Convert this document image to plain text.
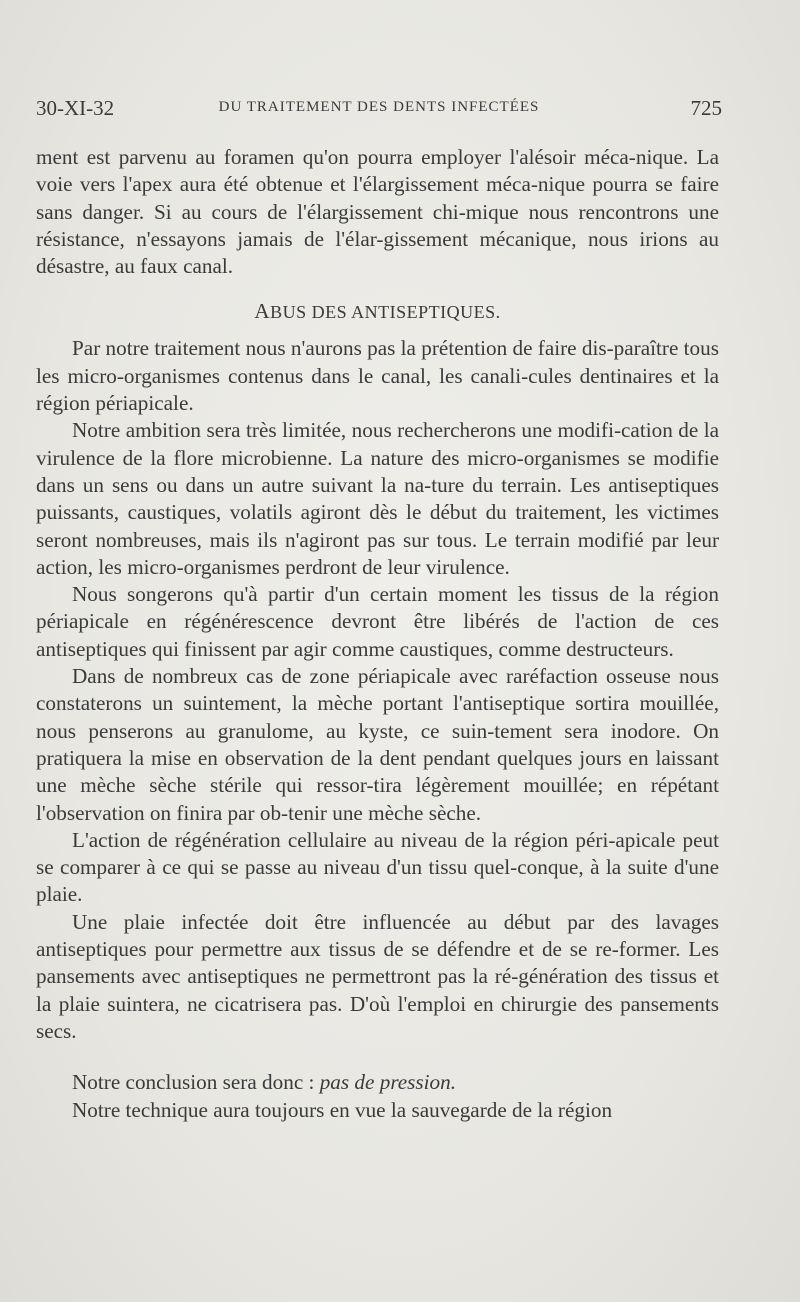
30-XI-32	DU TRAITEMENT DES DENTS INFECTÉES	725

ment est parvenu au foramen qu'on pourra employer l'alésoir méca-nique. La voie vers l'apex aura été obtenue et l'élargissement méca-nique pourra se faire sans danger. Si au cours de l'élargissement chi-mique nous rencontrons une résistance, n'essayons jamais de l'élar-gissement mécanique, nous irions au désastre, au faux canal.

ABUS DES ANTISEPTIQUES.

Par notre traitement nous n'aurons pas la prétention de faire dis-paraître tous les micro-organismes contenus dans le canal, les canali-cules dentinaires et la région périapicale.

Notre ambition sera très limitée, nous rechercherons une modifi-cation de la virulence de la flore microbienne. La nature des micro-organismes se modifie dans un sens ou dans un autre suivant la na-ture du terrain. Les antiseptiques puissants, caustiques, volatils agiront dès le début du traitement, les victimes seront nombreuses, mais ils n'agiront pas sur tous. Le terrain modifié par leur action, les micro-organismes perdront de leur virulence.

Nous songerons qu'à partir d'un certain moment les tissus de la région périapicale en régénérescence devront être libérés de l'action de ces antiseptiques qui finissent par agir comme caustiques, comme destructeurs.

Dans de nombreux cas de zone périapicale avec raréfaction osseuse nous constaterons un suintement, la mèche portant l'antiseptique sortira mouillée, nous penserons au granulome, au kyste, ce suin-tement sera inodore. On pratiquera la mise en observation de la dent pendant quelques jours en laissant une mèche sèche stérile qui ressor-tira légèrement mouillée; en répétant l'observation on finira par ob-tenir une mèche sèche.

L'action de régénération cellulaire au niveau de la région péri-apicale peut se comparer à ce qui se passe au niveau d'un tissu quel-conque, à la suite d'une plaie.

Une plaie infectée doit être influencée au début par des lavages antiseptiques pour permettre aux tissus de se défendre et de se re-former. Les pansements avec antiseptiques ne permettront pas la ré-génération des tissus et la plaie suintera, ne cicatrisera pas. D'où l'emploi en chirurgie des pansements secs.

Notre conclusion sera donc : pas de pression.

Notre technique aura toujours en vue la sauvegarde de la région
